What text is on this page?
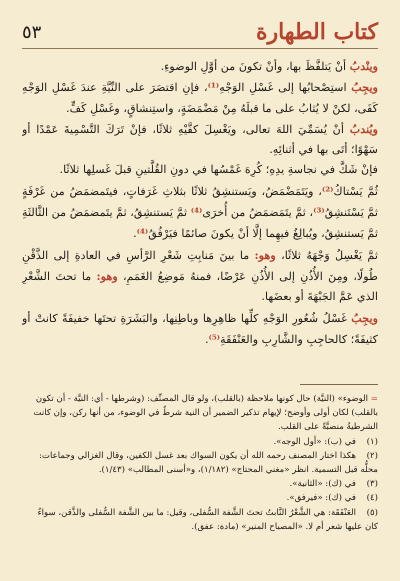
كتاب الطهارة
٥٣

وينْدبُ أنْ يَتلفَّظَ بها، وأنْ تكونَ من أوَّلِ الوضوءِ.

ويجِبُ استِصْحابُها إلى غَسْلِ الوَجْهِ⁽¹⁾، فإنِ اقتصَرَ على النِّيَّةِ عندَ غَسْلِ الوَجْهِ كَفَى، لكنْ لا يُثابُ على ما قبلَهُ مِنْ مَضْمَضَةٍ، واستِنشاقٍ، وغَسْلِ كَفٍّ.

ويُندبُ أنْ يُسَمِّيَ اللهَ تعالى، ويَغْسِلَ كفَّيْهِ ثلاثًا، فإنْ تَرَكَ التَّسْمِيةَ عَمْدًا أو سَهْوًا؛ أتَى بها في أثنائِهِ.

فإنْ شَكَّ في نجاسةِ يدِهِ؛ كُرِهَ غَمْسُها في دونِ القُلَّتينِ قبلَ غَسلِها ثلاثًا.

ثُمَّ يَسْتاكُ⁽²⁾، ويَتَمَضْمَضُ، ويَستنشِقُ ثلاثًا بثلاثِ غَرَفاتٍ، فيتَمضمَضُ من غَرْفَةٍ ثمَّ يَسْتَنشِقُ⁽³⁾، ثمَّ يتَمَضمَضُ من أُخرَى⁽⁴⁾ ثمَّ يَستنشِقُ، ثمَّ يتَمضمَضُ من الثَّالثَةِ ثمَّ يَستنشِقُ، ويُبالِغُ فيهِما إلَّا أنْ يكونَ صائمًا فيَرْفُقُ⁽⁴⁾.

ثمَّ يَغْسِلُ وَجْهَهُ ثلاثًا، وهو: ما بينَ مَنابِتِ شَعْرِ الرَّأسِ في العادةِ إلى الذَّقْنِ طُولًا، ومِنَ الأُذُنِ إلى الأُذُنِ عَرْضًا، فمنهُ مَوضِعُ الغَمَمِ، وهو: ما تحتَ الشَّعْرِ الذي عَمَّ الجَبْهَةَ أو بعضَها.

ويجِبُ غَسْلُ شُعُورِ الوَجْهِ كلِّها ظاهِرِها وباطِنِها، والبَشَرَةِ تحتَها خفيفَةً كانتْ أو كثيفَةً؛ كالحاجِبِ والشَّارِبِ والعَنْفَقَةِ⁽⁵⁾.

= الوضوء» (النيَّة) حال كونها ملاحظة (بالقلب)، ولو قال المصنِّف: (وشرطها - أي: النيَّة - أن تكون بالقلب) لكان أولى وأوضح؛ لإيهام تذكير الضمير أن النية شرطٌ في الوضوء، من أنها ركن، وإن كانت الشرطيةُ منصبَّةً على القلب.

(١)في (ب): «أول الوجه».

(٢)هكذا اختار المصنف رحمه الله أن يكون السواك بعد غسل الكفين، وقال الغزالي وجماعات: محلُّه قبل التسمية. انظر «مغني المحتاج» (١/١٨٢)، و«أسنى المطالب» (١/٤٣).

(٣)في (ك): «الثانية».

(٤)في (ك): «فيرفق».

(٥)العَنْفَقَة: هي الشَّعْرُ النَّابتُ تحتَ الشَّفة السُّفلى، وقيل: ما بين الشَّفة السُّفلى والذَّقن، سواءٌ كان عليها شعر أم لا. «المصباح المنير» (مادة: عفق).
